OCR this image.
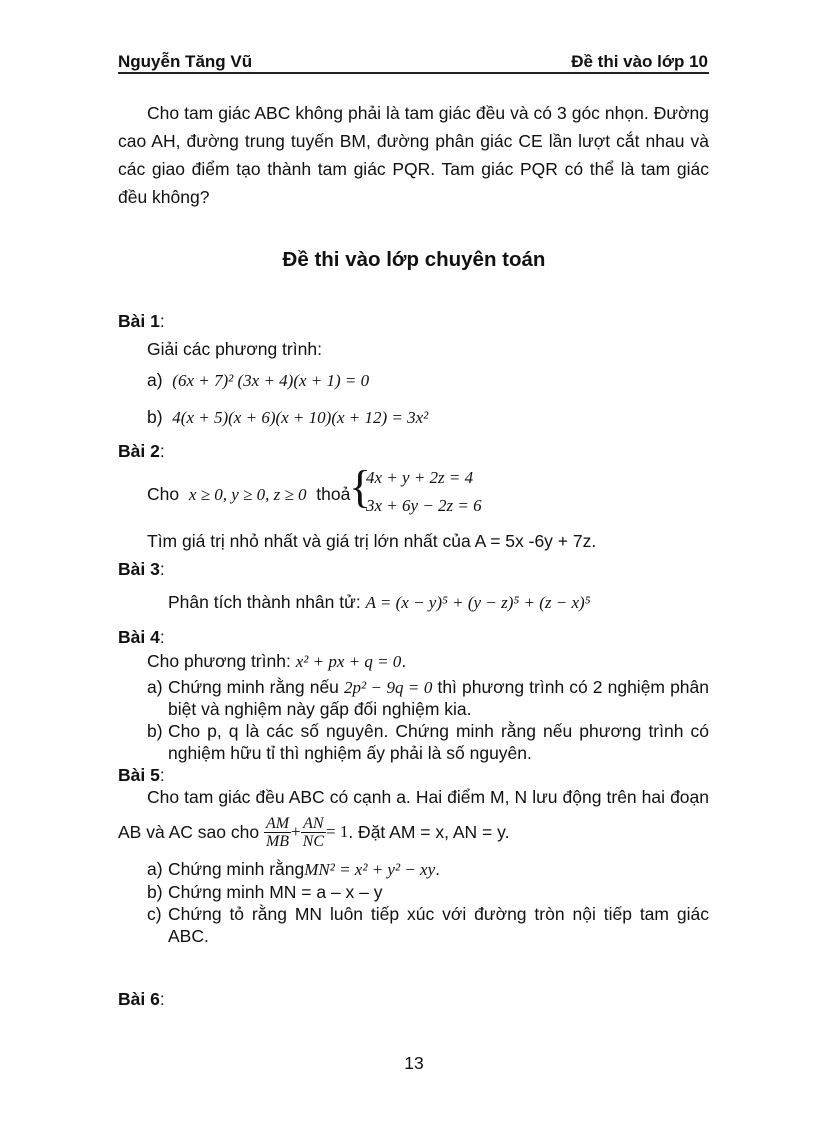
Nguyễn Tăng Vũ	Đề thi vào lớp 10
Cho tam giác ABC không phải là tam giác đều và có 3 góc nhọn. Đường
cao AH, đường trung tuyến BM, đường phân giác CE lần lượt cắt nhau và
các giao điểm tạo thành tam giác PQR. Tam giác PQR có thể là tam giác
đều không?
Đề thi vào lớp chuyên toán
Bài 1:
Giải các phương trình:
a) (6x + 7)² (3x + 4)(x + 1) = 0
b) 4(x + 5)(x + 6)(x + 10)(x + 12) = 3x²
Bài 2:
Cho x ≥ 0, y ≥ 0, z ≥ 0 thoả
{
4x + y + 2z = 4
3x + 6y − 2z = 6
Tìm giá trị nhỏ nhất và giá trị lớn nhất của A = 5x -6y + 7z.
Bài 3:
Phân tích thành nhân tử: A = (x − y)⁵ + (y − z)⁵ + (z − x)⁵
Bài 4:
Cho phương trình: x² + px + q = 0.
a) Chứng minh rằng nếu 2p² − 9q = 0 thì phương trình có 2 nghiệm phân
biệt và nghiệm này gấp đối nghiệm kia.
b) Cho p, q là các số nguyên. Chứng minh rằng nếu phương trình có
nghiệm hữu tỉ thì nghiệm ấy phải là số nguyên.
Bài 5:
Cho tam giác đều ABC có cạnh a. Hai điểm M, N lưu động trên hai đoạn
AB và AC sao cho
$\frac{AM}{MB} + \frac{AN}{NC} = 1$ . Đặt AM = x, AN = y.
a) Chứng minh rằngMN² = x² + y² − xy.
b) Chứng minh MN = a – x – y
c) Chứng tỏ rằng MN luôn tiếp xúc với đường tròn nội tiếp tam giác
ABC.
Bài 6:
13
